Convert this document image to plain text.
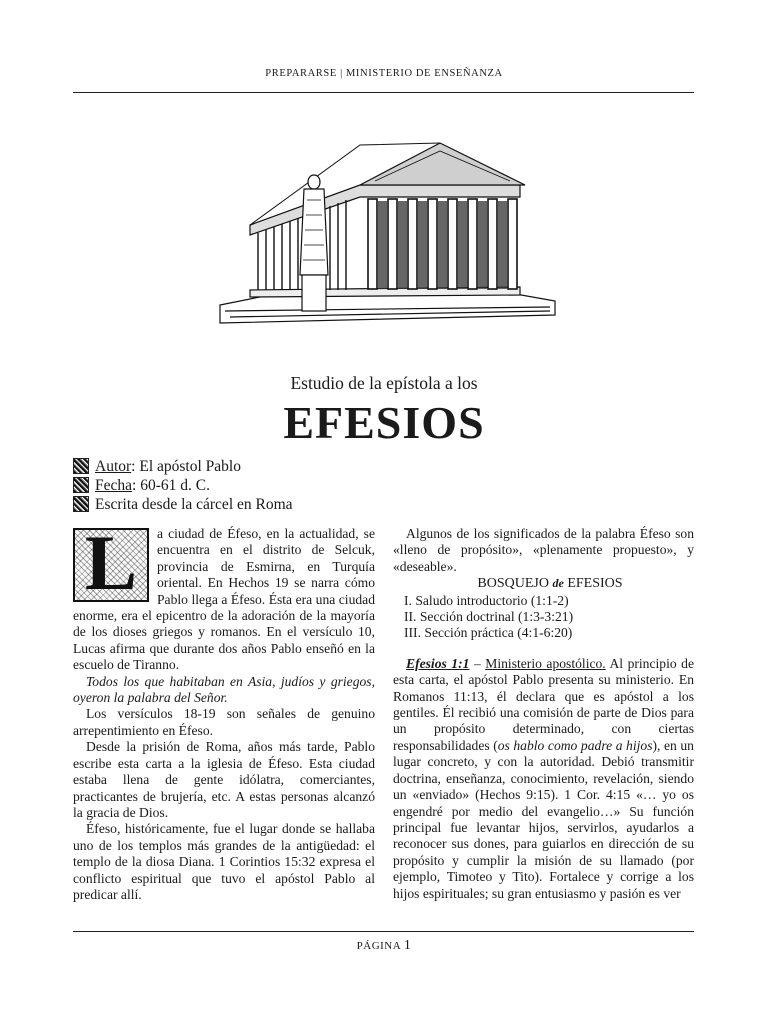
PREPARARSE | MINISTERIO DE ENSEÑANZA
Estudio de la epístola a los
EFESIOS
Autor : El apóstol Pablo
Fecha : 60-61 d. C.
Escrita desde la cárcel en Roma

L a ciudad de Éfeso, en la actualidad, se encuentra en el distrito de Selcuk, provincia de Esmirna, en Turquía oriental. En Hechos 19 se narra cómo Pablo llega a Éfeso. Ésta era una ciudad enorme, era el epicentro de la adoración de la mayoría de los dioses griegos y romanos. En el versículo 10, Lucas afirma que durante dos años Pablo enseñó en la escuelo de Tiranno.

Todos los que habitaban en Asia, judíos y griegos, oyeron la palabra del Señor.

Los versículos 18-19 son señales de genuino arrepentimiento en Éfeso.

Desde la prisión de Roma, años más tarde, Pablo escribe esta carta a la iglesia de Éfeso. Esta ciudad estaba llena de gente idólatra, comerciantes, practicantes de brujería, etc. A estas personas alcanzó la gracia de Dios.

Éfeso, históricamente, fue el lugar donde se hallaba uno de los templos más grandes de la antigüedad: el templo de la diosa Diana. 1 Corintios 15:32 expresa el conflicto espiritual que tuvo el apóstol Pablo al predicar allí.

Algunos de los significados de la palabra Éfeso son «lleno de propósito», «plenamente propuesto», y «deseable».

BOSQUEJO de EFESIOS

I. Saludo introductorio (1:1-2)
II. Sección doctrinal (1:3-3:21)
III. Sección práctica (4:1-6:20)

Efesios 1:1 – Ministerio apostólico. Al principio de esta carta, el apóstol Pablo presenta su ministerio. En Romanos 11:13, él declara que es apóstol a los gentiles. Él recibió una comisión de parte de Dios para un propósito determinado, con ciertas responsabilidades (os hablo como padre a hijos), en un lugar concreto, y con la autoridad. Debió transmitir doctrina, enseñanza, conocimiento, revelación, siendo un «enviado» (Hechos 9:15). 1 Cor. 4:15 «… yo os engendré por medio del evangelio…» Su función principal fue levantar hijos, servirlos, ayudarlos a reconocer sus dones, para guiarlos en dirección de su propósito y cumplir la misión de su llamado (por ejemplo, Timoteo y Tito). Fortalece y corrige a los hijos espirituales; su gran entusiasmo y pasión es ver

PÁGINA 1
